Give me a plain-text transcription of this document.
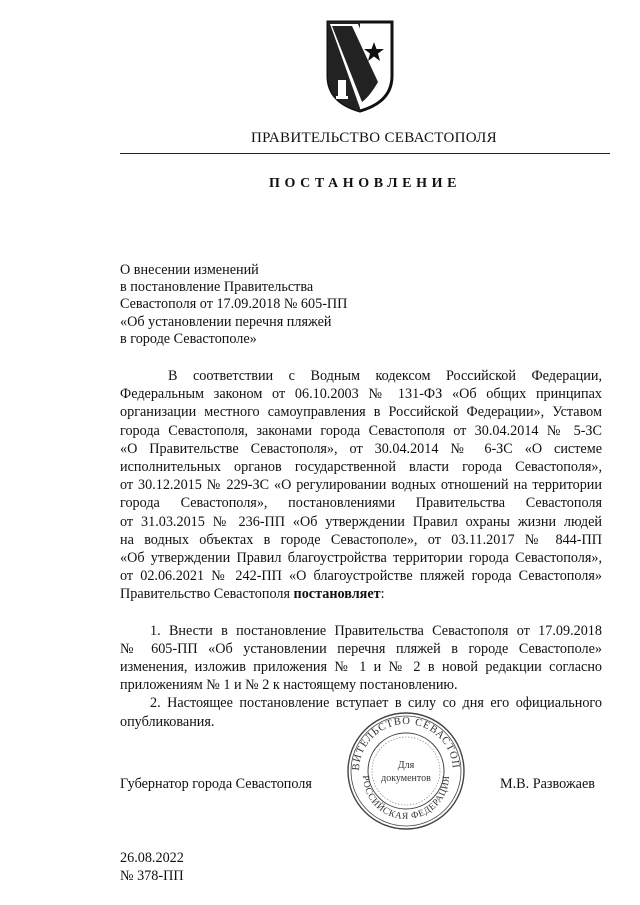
ПРАВИТЕЛЬСТВО СЕВАСТОПОЛЯ
ПОСТАНОВЛЕНИЕ
О внесении изменений
в постановление Правительства
Севастополя от 17.09.2018 № 605-ПП
«Об установлении перечня пляжей
в городе Севастополе»
В соответствии с Водным кодексом Российской Федерации,
Федеральным законом от 06.10.2003 № 131-ФЗ «Об общих принципах
организации местного самоуправления в Российской Федерации», Уставом
города Севастополя, законами города Севастополя от 30.04.2014 № 5-ЗС
«О Правительстве Севастополя», от 30.04.2014 № 6-ЗС «О системе
исполнительных органов государственной власти города Севастополя»,
от 30.12.2015 № 229-ЗС «О регулировании водных отношений на территории
города Севастополя», постановлениями Правительства Севастополя
от 31.03.2015 № 236-ПП «Об утверждении Правил охраны жизни людей
на водных объектах в городе Севастополе», от 03.11.2017 № 844-ПП
«Об утверждении Правил благоустройства территории города Севастополя»,
от 02.06.2021 № 242-ПП «О благоустройстве пляжей города Севастополя»
Правительство Севастополя постановляет:
1. Внести в постановление Правительства Севастополя от 17.09.2018
№ 605-ПП «Об установлении перечня пляжей в городе Севастополе»
изменения, изложив приложения № 1 и № 2 в новой редакции согласно
приложениям № 1 и № 2 к настоящему постановлению.
2. Настоящее постановление вступает в силу со дня его официального
опубликования.
Губернатор города Севастополя
ВИТЕЛЬСТВО СЕВАСТОП
РОССИЙСКАЯ ФЕДЕРАЦИЯ
Для
документов	М.В. Развожаев
26.08.2022
№ 378-ПП
